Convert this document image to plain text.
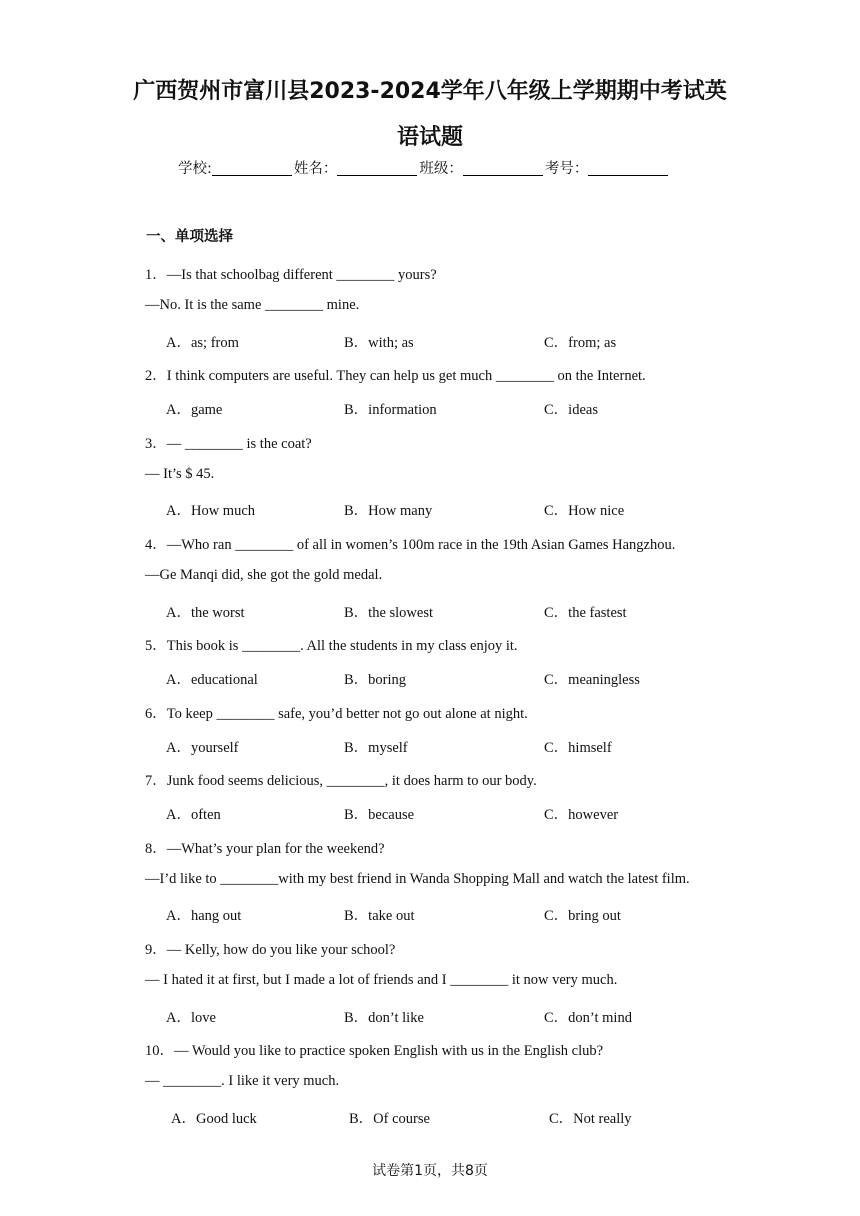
广西贺州市富川县2023-2024学年八年级上学期期中考试英
语试题
学校:	姓名：	班级：	考号：
一、单项选择
1．—Is that schoolbag different ________ yours?
—No. It is the same ________ mine.
A．as; from	B．with; as	C．from; as
2．I think computers are useful. They can help us get much ________ on the Internet.
A．game	B．information	C．ideas
3．— ________ is the coat?
— It’s $ 45.
A．How much	B．How many	C．How nice
4．—Who ran ________ of all in women’s 100m race in the 19th Asian Games Hangzhou.
—Ge Manqi did, she got the gold medal.
A．the worst	B．the slowest	C．the fastest
5．This book is ________. All the students in my class enjoy it.
A．educational	B．boring	C．meaningless
6．To keep ________ safe, you’d better not go out alone at night.
A．yourself	B．myself	C．himself
7．Junk food seems delicious, ________, it does harm to our body.
A．often	B．because	C．however
8．—What’s your plan for the weekend?
—I’d like to ________with my best friend in Wanda Shopping Mall and watch the latest film.
A．hang out	B．take out	C．bring out
9．— Kelly, how do you like your school?
— I hated it at first, but I made a lot of friends and I ________ it now very much.
A．love	B．don’t like	C．don’t mind
10．— Would you like to practice spoken English with us in the English club?
— ________. I like it very much.
A．Good luck	B．Of course	C．Not really
试卷第1页，共8页
